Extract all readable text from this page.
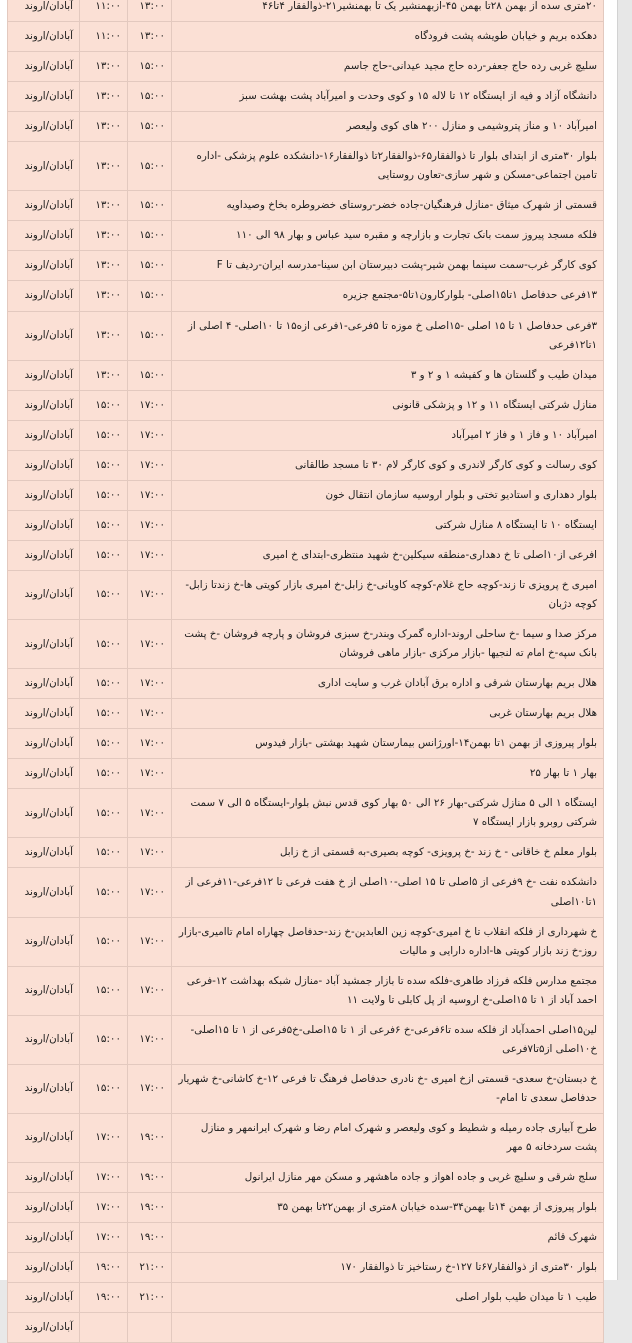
۲۰متری سده از بهمن ۲۸تا بهمن ۴۵-ازبهمنشیر یک تا بهمنشیر۲۱-ذوالفقار ۴تا۴۶	۱۳:۰۰	۱۱:۰۰	آبادان/اروند
دهکده بریم و خیابان طویشه پشت فرودگاه	۱۳:۰۰	۱۱:۰۰	آبادان/اروند
سلیچ غربی رده حاج جعفر-رده حاج مجید عیدانی-حاج جاسم	۱۵:۰۰	۱۳:۰۰	آبادان/اروند
دانشگاه آزاد و فیه از ایستگاه ۱۲ تا لاله ۱۵ و کوی وحدت و امیرآباد پشت بهشت سبز	۱۵:۰۰	۱۳:۰۰	آبادان/اروند
امیرآباد ۱۰ و مناز پتروشیمی و منازل ۲۰۰ های کوی ولیعصر	۱۵:۰۰	۱۳:۰۰	آبادان/اروند
بلوار ۳۰متری از ابتدای بلوار تا ذوالفقار۶۵-ذوالفقار۲تا ذوالفقار۱۶-دانشکده علوم پزشکی -اداره تامین اجتماعی-مسکن و شهر سازی-تعاون روستایی	۱۵:۰۰	۱۳:۰۰	آبادان/اروند
قسمتی از شهرک میثاق -منازل فرهنگیان-جاده خضر-روستای خضروطره بخاخ وصیداویه	۱۵:۰۰	۱۳:۰۰	آبادان/اروند
فلکه مسجد پیروز سمت بانک تجارت و بازارچه و مقبره سید عباس و بهار ۹۸ الی ۱۱۰	۱۵:۰۰	۱۳:۰۰	آبادان/اروند
کوی کارگر غرب-سمت سینما بهمن شیر-پشت دبیرستان ابن سینا-مدرسه ایران-ردیف تا F	۱۵:۰۰	۱۳:۰۰	آبادان/اروند
۱۳فرعی حدفاصل ۱تا۱۵اصلی- بلوارکارون۱تا۵-مجتمع جزیره	۱۵:۰۰	۱۳:۰۰	آبادان/اروند
۳فرعی حدفاصل ۱ تا ۱۵ اصلی -۱۵اصلی خ موزه تا ۵فرعی-۱فرعی ازه۱۵ تا ۱۰اصلی- ۴ اصلی از ۱تا۱۲فرعی	۱۵:۰۰	۱۳:۰۰	آبادان/اروند
میدان طیب و گلستان ها و کفیشه ۱ و ۲ و ۳	۱۵:۰۰	۱۳:۰۰	آبادان/اروند
منازل شرکتی ایستگاه ۱۱ و ۱۲ و پزشکی قانونی	۱۷:۰۰	۱۵:۰۰	آبادان/اروند
امیرآباد ۱۰ و فاز ۱ و فاز ۲ امیرآباد	۱۷:۰۰	۱۵:۰۰	آبادان/اروند
کوی رسالت و کوی کارگر لاندری و کوی کارگر لام ۳۰ تا مسجد طالقانی	۱۷:۰۰	۱۵:۰۰	آبادان/اروند
بلوار دهداری و استادیو تختی و بلوار اروسیه سازمان انتقال خون	۱۷:۰۰	۱۵:۰۰	آبادان/اروند
ایستگاه ۱۰ تا ایستگاه ۸ منازل شرکتی	۱۷:۰۰	۱۵:۰۰	آبادان/اروند
افرعی از۱۰اصلی تا خ دهداری-منطقه سیکلین-خ شهید منتظری-ابتدای خ امیری	۱۷:۰۰	۱۵:۰۰	آبادان/اروند
امیری خ پرویزی تا زند-کوچه حاج غلام-کوچه کاویانی-خ زابل-خ امیری بازار کویتی ها-خ زندتا زابل-کوچه دژبان	۱۷:۰۰	۱۵:۰۰	آبادان/اروند
مرکز صدا و سیما -خ ساحلی اروند-اداره گمرک وبندر-خ سبزی فروشان و پارچه فروشان -خ پشت بانک سپه-خ امام ته لنجیها -بازار مرکزی -بازار ماهی فروشان	۱۷:۰۰	۱۵:۰۰	آبادان/اروند
هلال بریم بهارستان شرقی و اداره برق آبادان غرب و سایت اداری	۱۷:۰۰	۱۵:۰۰	آبادان/اروند
هلال بریم بهارستان غربی	۱۷:۰۰	۱۵:۰۰	آبادان/اروند
بلوار پیروزی از بهمن ۱تا بهمن۱۴-اورژانس بیمارستان شهید بهشتی -بازار فیدوس	۱۷:۰۰	۱۵:۰۰	آبادان/اروند
بهار ۱ تا بهار ۲۵	۱۷:۰۰	۱۵:۰۰	آبادان/اروند
ایستگاه ۱ الی ۵ منازل شرکتی-بهار ۲۶ الی ۵۰ بهار کوی قدس نبش بلوار-ایستگاه ۵ الی ۷ سمت شرکتی روبرو بازار ایستگاه ۷	۱۷:۰۰	۱۵:۰۰	آبادان/اروند
بلوار معلم خ خاقانی - خ زند -خ پرویزی- کوچه بصیری-به قسمتی از خ زابل	۱۷:۰۰	۱۵:۰۰	آبادان/اروند
دانشکده نفت -خ ۹فرعی از ۵اصلی تا ۱۵ اصلی-۱۰اصلی از خ هفت فرعی تا ۱۲فرعی-۱۱فرعی از ۱تا۱۰اصلی	۱۷:۰۰	۱۵:۰۰	آبادان/اروند
خ شهرداری از فلکه انقلاب تا خ امیری-کوچه زین العابدین-خ زند-حدفاصل چهاراه امام تاامیری-بازار روز-خ زند بازار کویتی ها-اداره دارایی و مالیات	۱۷:۰۰	۱۵:۰۰	آبادان/اروند
مجتمع مدارس فلکه فرزاد طاهری-فلکه سده تا بازار جمشید آباد -منازل شبکه بهداشت ۱۲-فرعی احمد آباد از ۱ تا ۱۵اصلی-خ اروسیه از پل کابلی تا ولایت ۱۱	۱۷:۰۰	۱۵:۰۰	آبادان/اروند
لین۱۵اصلی احمدآباد از فلکه سده تا۶فرعی-خ ۶فرعی از ۱ تا ۱۵اصلی-خ۵فرعی از ۱ تا ۱۵اصلی-خ۱۰اصلی از۵تا۷فرعی	۱۷:۰۰	۱۵:۰۰	آبادان/اروند
خ دبستان-خ سعدی- قسمتی ازخ امیری -خ نادری حدفاصل فرهنگ تا فرعی ۱۲-خ کاشانی-خ شهریار حدفاصل سعدی تا امام-	۱۷:۰۰	۱۵:۰۰	آبادان/اروند
طرح آبیاری جاده رمیله و شطیط و کوی ولیعصر و شهرک امام رضا و شهرک ایرانمهر و منازل پشت سردخانه ۵ مهر	۱۹:۰۰	۱۷:۰۰	آبادان/اروند
سلج شرقی و سلیچ غربی و جاده اهواز و جاده ماهشهر و مسکن مهر منازل ایرانول	۱۹:۰۰	۱۷:۰۰	آبادان/اروند
بلوار پیروزی از بهمن ۱۴تا بهمن۳۴-سده خیابان ۸متری از بهمن۲۲تا بهمن ۳۵	۱۹:۰۰	۱۷:۰۰	آبادان/اروند
شهرک قائم	۱۹:۰۰	۱۷:۰۰	آبادان/اروند
بلوار ۳۰متری از ذوالفقار۶۷تا ۱۲۷-خ رستاخیز تا ذوالفقار ۱۷۰	۲۱:۰۰	۱۹:۰۰	آبادان/اروند
طیب ۱ تا میدان طیب بلوار اصلی	۲۱:۰۰	۱۹:۰۰	آبادان/اروند
			آبادان/اروند
